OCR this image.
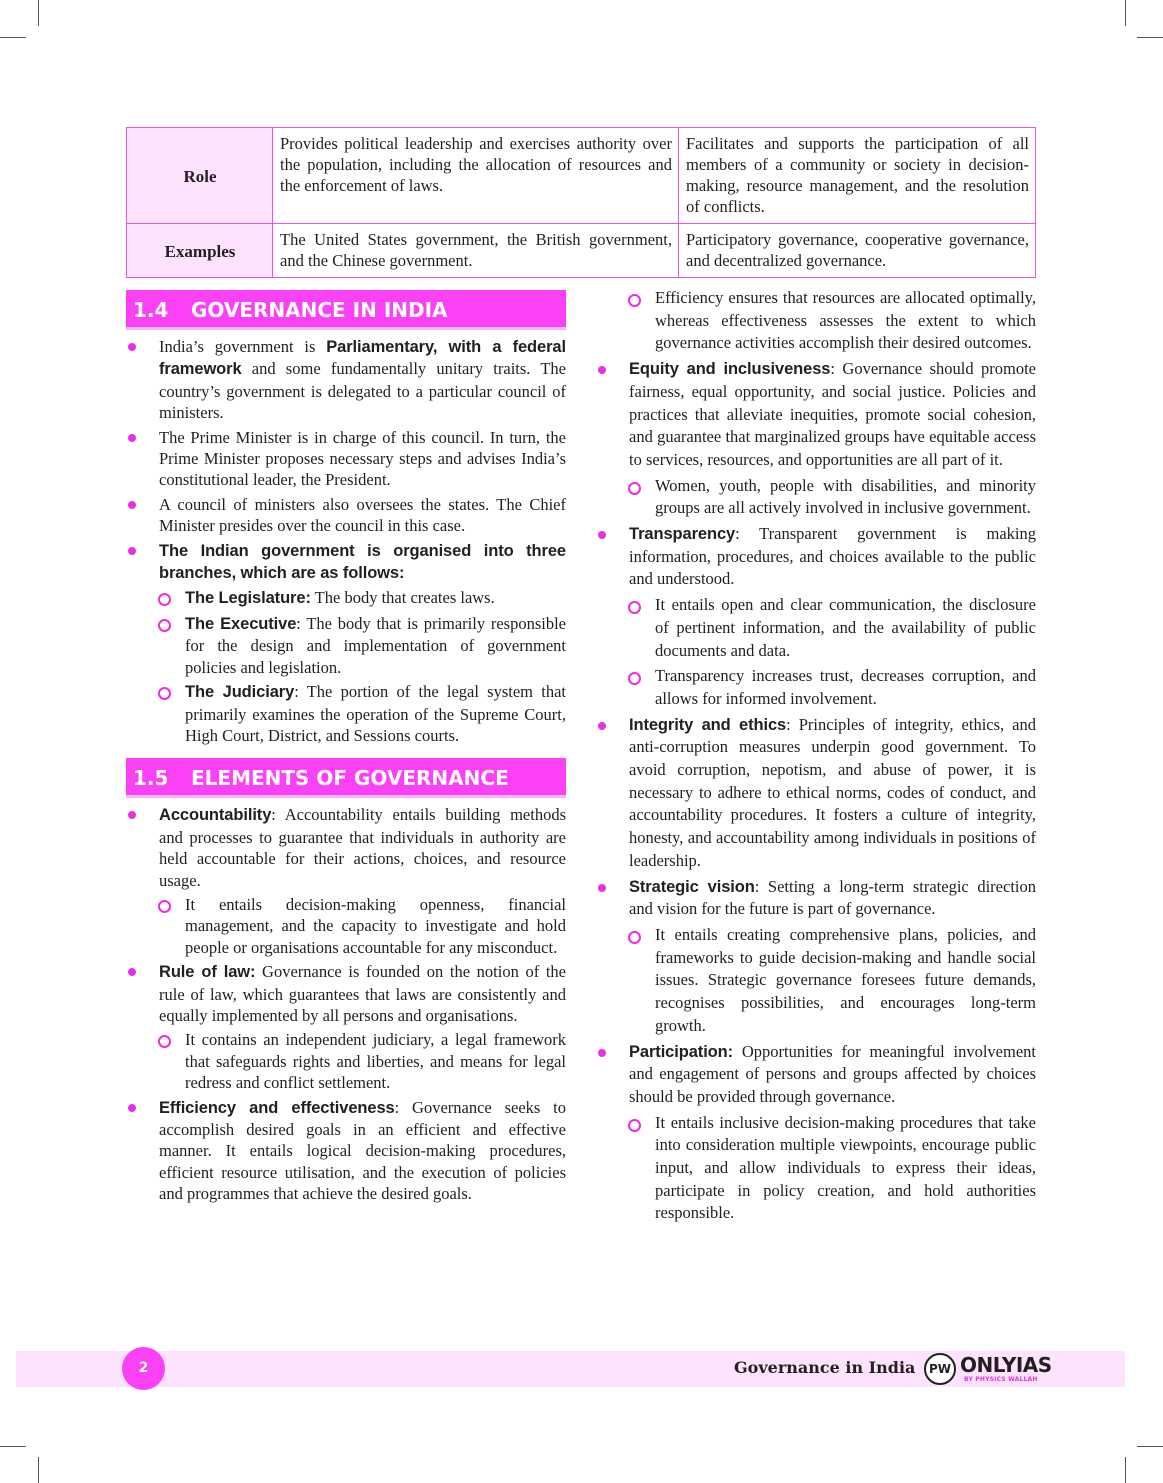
Role	Provides political leadership and exercises authority over the population, including the allocation of resources and the enforcement of laws.	Facilitates and supports the participation of all members of a community or society in decision-making, resource management, and the resolution of conflicts.
Examples	The United States government, the British government, and the Chinese government.	Participatory governance, cooperative governance, and decentralized governance.
1.4 GOVERNANCE IN INDIA
India’s government is Parliamentary, with a federal framework and some fundamentally unitary traits. The country’s government is delegated to a particular council of ministers.
The Prime Minister is in charge of this council. In turn, the Prime Minister proposes necessary steps and advises India’s constitutional leader, the President.
A council of ministers also oversees the states. The Chief Minister presides over the council in this case.
The Indian government is organised into three branches, which are as follows:
The Legislature: The body that creates laws.
The Executive: The body that is primarily responsible for the design and implementation of government policies and legislation.
The Judiciary: The portion of the legal system that primarily examines the operation of the Supreme Court, High Court, District, and Sessions courts.
1.5 ELEMENTS OF GOVERNANCE
Accountability: Accountability entails building methods and processes to guarantee that individuals in authority are held accountable for their actions, choices, and resource usage.
It entails decision-making openness, financial management, and the capacity to investigate and hold people or organisations accountable for any misconduct.
Rule of law: Governance is founded on the notion of the rule of law, which guarantees that laws are consistently and equally implemented by all persons and organisations.
It contains an independent judiciary, a legal framework that safeguards rights and liberties, and means for legal redress and conflict settlement.
Efficiency and effectiveness: Governance seeks to accomplish desired goals in an efficient and effective manner. It entails logical decision-making procedures, efficient resource utilisation, and the execution of policies and programmes that achieve the desired goals.
Efficiency ensures that resources are allocated optimally, whereas effectiveness assesses the extent to which governance activities accomplish their desired outcomes.
Equity and inclusiveness: Governance should promote fairness, equal opportunity, and social justice. Policies and practices that alleviate inequities, promote social cohesion, and guarantee that marginalized groups have equitable access to services, resources, and opportunities are all part of it.
Women, youth, people with disabilities, and minority groups are all actively involved in inclusive government.
Transparency: Transparent government is making information, procedures, and choices available to the public and understood.
It entails open and clear communication, the disclosure of pertinent information, and the availability of public documents and data.
Transparency increases trust, decreases corruption, and allows for informed involvement.
Integrity and ethics: Principles of integrity, ethics, and anti-corruption measures underpin good government. To avoid corruption, nepotism, and abuse of power, it is necessary to adhere to ethical norms, codes of conduct, and accountability procedures. It fosters a culture of integrity, honesty, and accountability among individuals in positions of leadership.
Strategic vision: Setting a long-term strategic direction and vision for the future is part of governance.
It entails creating comprehensive plans, policies, and frameworks to guide decision-making and handle social issues. Strategic governance foresees future demands, recognises possibilities, and encourages long-term growth.
Participation: Opportunities for meaningful involvement and engagement of persons and groups affected by choices should be provided through governance.
It entails inclusive decision-making procedures that take into consideration multiple viewpoints, encourage public input, and allow individuals to express their ideas, participate in policy creation, and hold authorities responsible.
2	Governance in India	PW ONLYIAS
BY PHYSICS WALLAH
